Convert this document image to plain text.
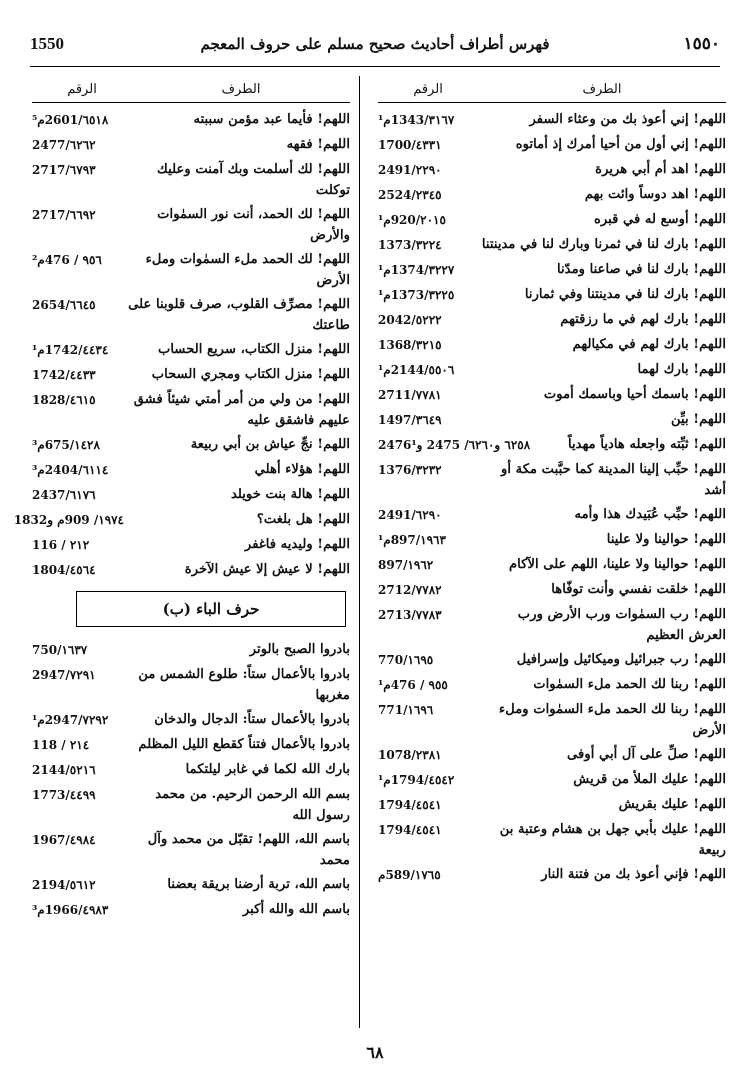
1550	فهرس أطراف أحاديث صحيح مسلم على حروف المعجم	١٥٥٠
الطرف
الرقم
اللهم! إني أعوذ بك من وعثاء السفر
٣١٦٧/1343م¹
اللهم! إني أول من أحيا أمرك إذ أماتوه
٤٣٣١/1700
اللهم! اهد أم أبي هريرة
٢٢٩٠/2491
اللهم! اهد دوساً وائت بهم
٢٣٤٥/2524
اللهم! أوسع له في قبره
٢٠١٥/920م¹
اللهم! بارك لنا في ثمرنا وبارك لنا في مدينتنا
٣٢٢٤/1373
اللهم! بارك لنا في صاعنا ومدّنا
٣٢٢٧/1374م¹
اللهم! بارك لنا في مدينتنا وفي ثمارنا
٣٢٢٥/1373م¹
اللهم! بارك لهم في ما رزقتهم
٥٢٢٢/2042
اللهم! بارك لهم في مكيالهم
٣٢١٥/1368
اللهم! بارك لهما
٥٥٠٦/2144م¹
اللهم! باسمك أحيا وباسمك أموت
٧٧٨١/2711
اللهم! بيِّن
٣٦٤٩/1497
اللهم! ثبِّته واجعله هادياً مهدياً
٦٢٥٨ و٦٢٦٠/ 2475 و2476¹
اللهم! حبِّب إلينا المدينة كما حبَّبت مكة أو أشد
٣٢٣٢/1376
اللهم! حبِّب عُبَيدك هذا وأمه
٦٢٩٠/2491
اللهم! حوالينا ولا علينا
١٩٦٣/897م¹
اللهم! حوالينا ولا علينا، اللهم على الآكام
١٩٦٢/897
اللهم! خلقت نفسي وأنت توفّاها
٧٧٨٢/2712
اللهم! رب السمٰوات ورب الأرض ورب العرش العظيم
٧٧٨٣/2713
اللهم! رب جبرائيل وميكائيل وإسرافيل
١٦٩٥/770
اللهم! ربنا لك الحمد ملء السمٰوات
٩٥٥ / 476م¹
اللهم! ربنا لك الحمد ملء السمٰوات وملء الأرض
١٦٩٦/771
اللهم! صلِّ على آل أبي أوفى
٢٣٨١/1078
اللهم! عليك الملأ من قريش
٤٥٤٢/1794م¹
اللهم! عليك بقريش
٤٥٤١/1794
اللهم! عليك بأبي جهل بن هشام وعتبة بن ربيعة
٤٥٤١/1794
اللهم! فإني أعوذ بك من فتنة النار
١٧٦٥/589م
الطرف
الرقم
اللهم! فأيما عبد مؤمن سببته
٦٥١٨/2601م⁵
اللهم! فقهه
٦٢٦٢/2477
اللهم! لك أسلمت وبك آمنت وعليك توكلت
٦٧٩٣/2717
اللهم! لك الحمد، أنت نور السمٰوات والأرض
٦٦٩٢/2717
اللهم! لك الحمد ملء السمٰوات وملء الأرض
٩٥٦ / 476م²
اللهم! مصرِّف القلوب، صرف قلوبنا على طاعتك
٦٦٤٥/2654
اللهم! منزل الكتاب، سريع الحساب
٤٤٣٤/1742م¹
اللهم! منزل الكتاب ومجري السحاب
٤٤٣٣/1742
اللهم! من ولي من أمر أمتي شيئاً فشق عليهم فاشقق عليه
٤٦١٥/1828
اللهم! نجِّ عياش بن أبي ربيعة
١٤٢٨/675م³
اللهم! هؤلاء أهلي
٦١١٤/2404م³
اللهم! هالة بنت خويلد
٦١٧٦/2437
اللهم! هل بلغت؟
١٩٧٤/ 909م و1832
اللهم! وليديه فاغفر
٢١٢ / 116
اللهم! لا عيش إلا عيش الآخرة
٤٥٦٤/1804
حرف الباء (ب)
بادروا الصبح بالوتر
١٦٣٧/750
بادروا بالأعمال ستاً: طلوع الشمس من مغربها
٧٢٩١/2947
بادروا بالأعمال ستاً: الدجال والدخان
٧٢٩٢/2947م¹
بادروا بالأعمال فتناً كقطع الليل المظلم
٢١٤ / 118
بارك الله لكما في غابر ليلتكما
٥٢١٦/2144
بسم الله الرحمن الرحيم. من محمد رسول الله
٤٤٩٩/1773
باسم الله، اللهم! تقبّل من محمد وآل محمد
٤٩٨٤/1967
باسم الله، تربة أرضنا بريقة بعضنا
٥٦١٢/2194
باسم الله والله أكبر
٤٩٨٣/1966م³
٦٨
